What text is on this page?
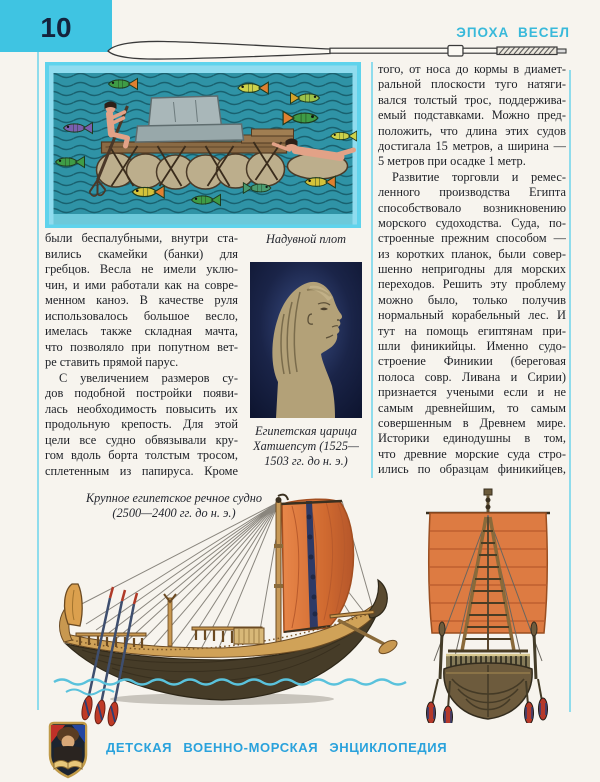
10	ЭПОХА ВЕСЕЛ
были беспалубными, внутри ста-
вились скамейки (банки) для
гребцов. Весла не имели уклю-
чин, и ими работали как на совре-
менном каноэ. В качестве руля
использовалось большое весло,
имелась также складная мачта,
что позволяло при попутном вет-
ре ставить прямой парус.
С увеличением размеров су-
дов подобной постройки появи-
лась необходимость повысить их
продольную крепость. Для этой
цели все судно обвязывали кру-
гом вдоль борта толстым тросом,
сплетенным из папируса. Кроме
того, от носа до кормы в диамет-
ральной плоскости туго натяги-
вался толстый трос, поддержива-
емый подставками. Можно пред-
положить, что длина этих судов
достигала 15 метров, а ширина —
5 метров при осадке 1 метр.
Развитие торговли и ремес-
ленного производства Египта
способствовало возникновению
морского судоходства. Суда, по-
строенные прежним способом —
из коротких планок, были совер-
шенно непригодны для морских
переходов. Решить эту проблему
можно было, только получив
нормальный корабельный лес. И
тут на помощь египтянам при-
шли финикийцы. Именно судо-
строение Финикии (береговая
полоса совр. Ливана и Сирии)
признается учеными если и не
самым древнейшим, то самым
совершенным в Древнем мире.
Историки единодушны в том,
что древние морские суда стро-
ились по образцам финикийцев,
Надувной плот
Египетская царица
Хатшепсут (1525—
1503 гг. до н. э.)
Крупное египетское речное судно
(2500—2400 гг. до н. э.)
ДЕТСКАЯ ВОЕННО-МОРСКАЯ ЭНЦИКЛОПЕДИЯ
